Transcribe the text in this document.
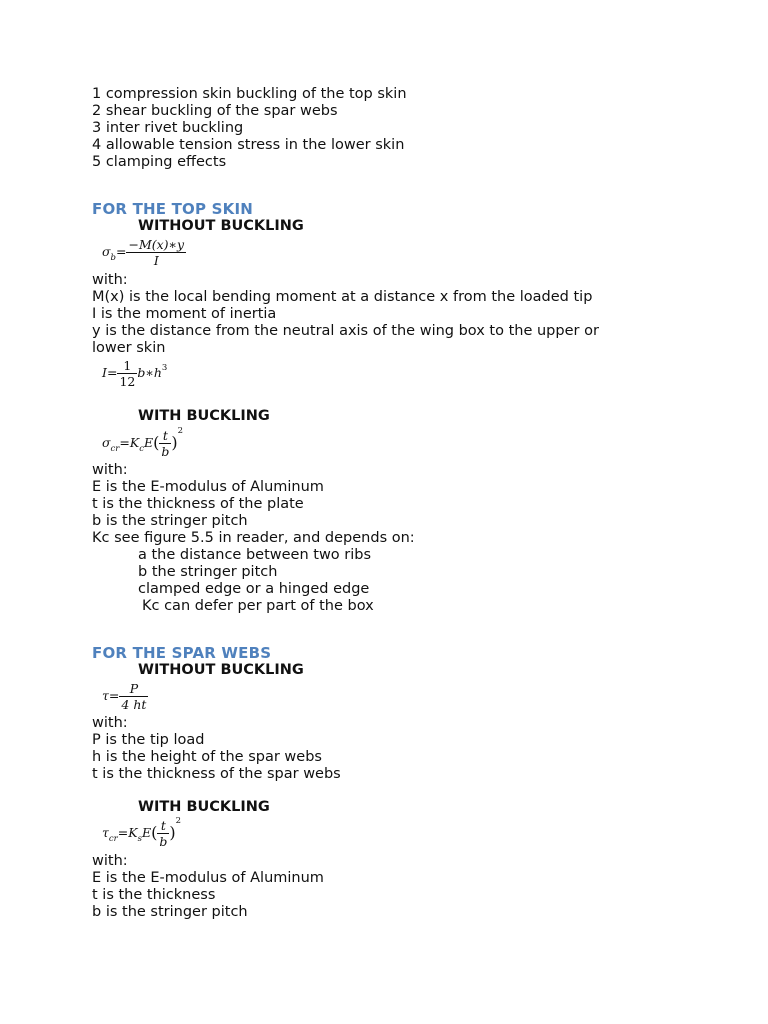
1 compression skin buckling of the top skin
2 shear buckling of the spar webs
3 inter rivet buckling
4 allowable tension stress in the lower skin
5 clamping effects
FOR THE TOP SKIN
WITHOUT BUCKLING
$\sigma_b= \frac{-M(x)∗y}{I}$
with:
M(x) is the local bending moment at a distance x from the loaded tip
I is the moment of inertia
y is the distance from the neutral axis of the wing box to the upper or
lower skin
$I= \frac{1}{12}$ $b∗h^3$
WITH BUCKLING
$\sigma_{cr}=K_cE( \frac{t}{b} )^2$
with:
E is the E-modulus of Aluminum
t is the thickness of the plate
b is the stringer pitch
Kc see figure 5.5 in reader, and depends on:
a the distance between two ribs
b the stringer pitch
clamped edge or a hinged edge
Kc can defer per part of the box
FOR THE SPAR WEBS
WITHOUT BUCKLING
$\tau= \frac{P}{4 ht}$
with:
P is the tip load
h is the height of the spar webs
t is the thickness of the spar webs
WITH BUCKLING
$\tau_{cr}=K_sE( \frac{t}{b} )^2$
with:
E is the E-modulus of Aluminum
t is the thickness
b is the stringer pitch
